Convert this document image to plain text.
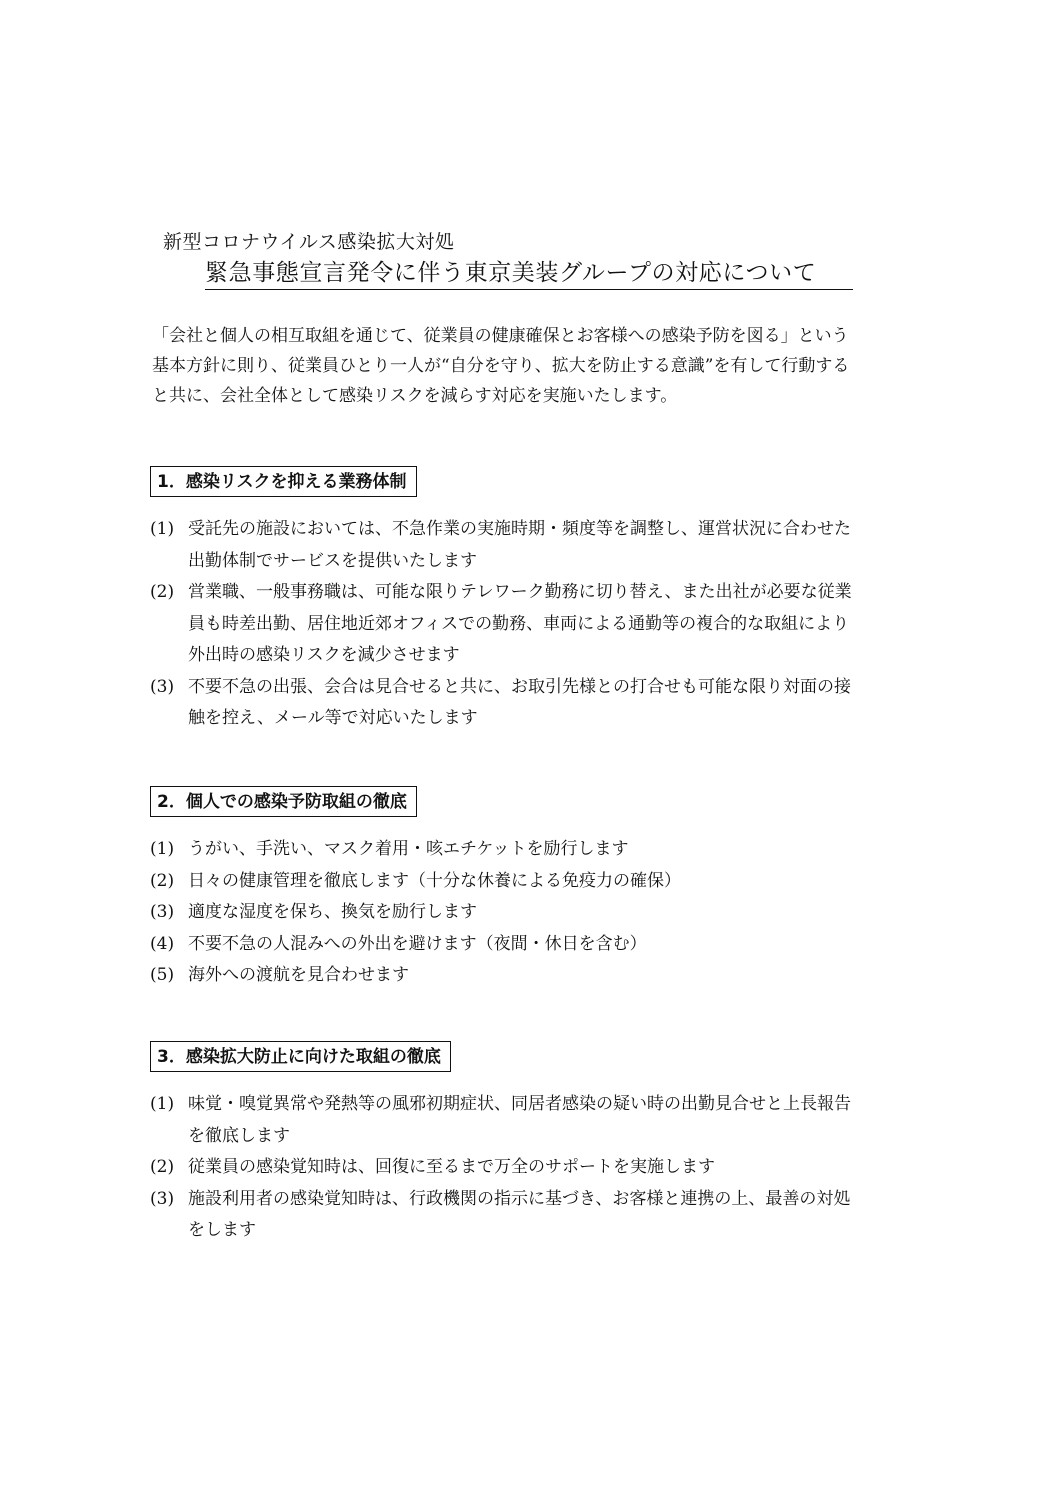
新型コロナウイルス感染拡大対処
緊急事態宣言発令に伴う東京美装グループの対応について

「会社と個人の相互取組を通じて、従業員の健康確保とお客様への感染予防を図る」という

基本方針に則り、従業員ひとり一人が“自分を守り、拡大を防止する意識”を有して行動する

と共に、会社全体として感染リスクを減らす対応を実施いたします。

1．感染リスクを抑える業務体制
(1) 受託先の施設においては、不急作業の実施時期・頻度等を調整し、運営状況に合わせた
出勤体制でサービスを提供いたします
(2) 営業職、一般事務職は、可能な限りテレワーク勤務に切り替え、また出社が必要な従業
員も時差出勤、居住地近郊オフィスでの勤務、車両による通勤等の複合的な取組により
外出時の感染リスクを減少させます
(3) 不要不急の出張、会合は見合せると共に、お取引先様との打合せも可能な限り対面の接
触を控え、メール等で対応いたします
2．個人での感染予防取組の徹底
(1) うがい、手洗い、マスク着用・咳エチケットを励行します
(2) 日々の健康管理を徹底します（十分な休養による免疫力の確保）
(3) 適度な湿度を保ち、換気を励行します
(4) 不要不急の人混みへの外出を避けます（夜間・休日を含む）
(5) 海外への渡航を見合わせます
3．感染拡大防止に向けた取組の徹底
(1) 味覚・嗅覚異常や発熱等の風邪初期症状、同居者感染の疑い時の出勤見合せと上長報告
を徹底します
(2) 従業員の感染覚知時は、回復に至るまで万全のサポートを実施します
(3) 施設利用者の感染覚知時は、行政機関の指示に基づき、お客様と連携の上、最善の対処
をします
